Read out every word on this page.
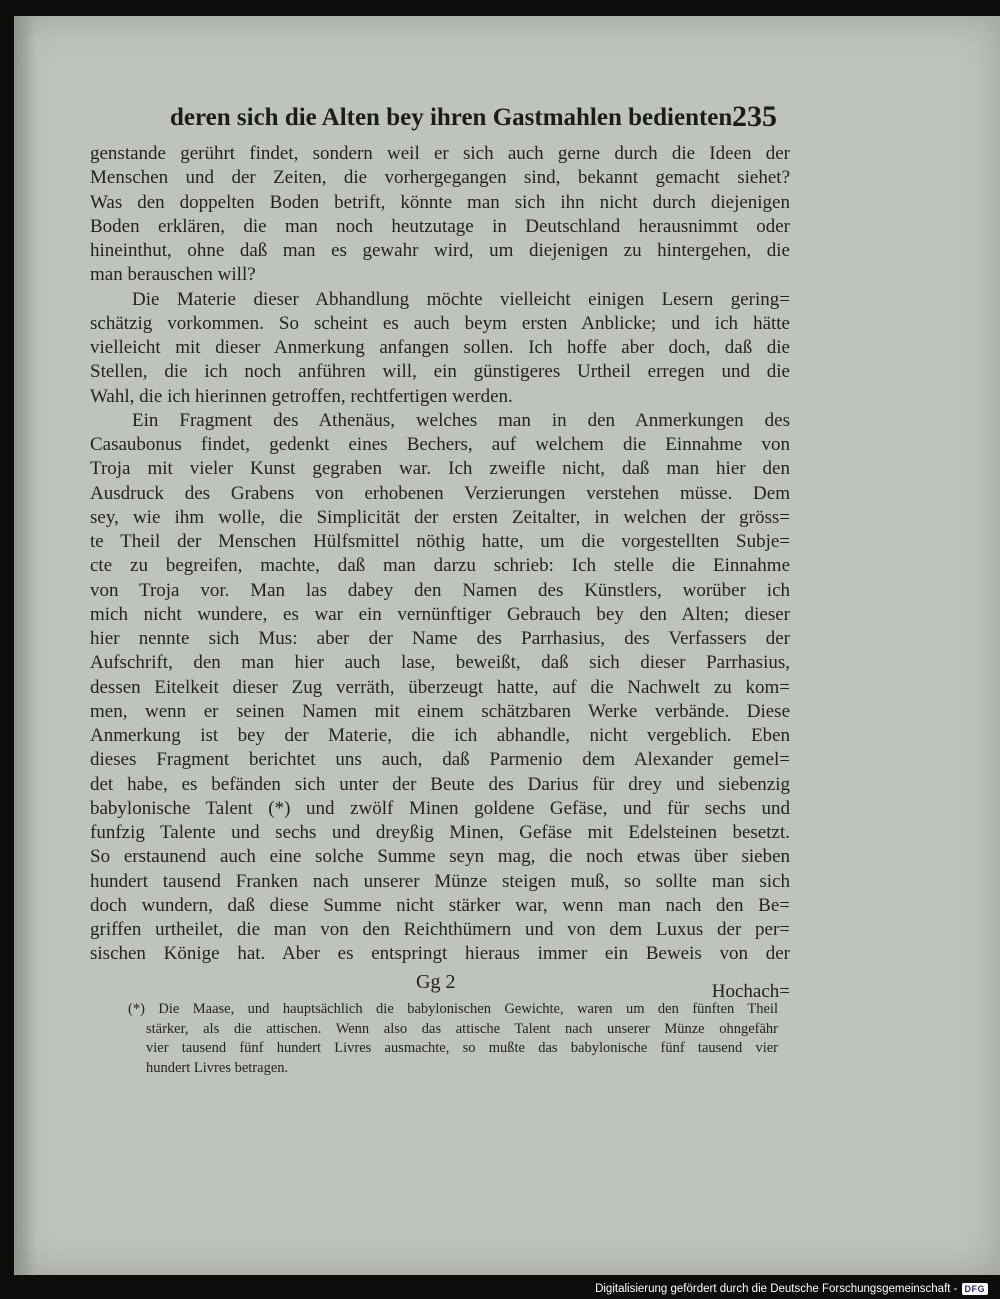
deren sich die Alten bey ihren Gastmahlen bedienten.
235
genstande gerührt findet, sondern weil er sich auch gerne durch die Ideen der
Menschen und der Zeiten, die vorhergegangen sind, bekannt gemacht siehet?
Was den doppelten Boden betrift, könnte man sich ihn nicht durch diejenigen
Boden erklären, die man noch heutzutage in Deutschland herausnimmt oder
hineinthut, ohne daß man es gewahr wird, um diejenigen zu hintergehen, die
man berauschen will?
Die Materie dieser Abhandlung möchte vielleicht einigen Lesern gering=
schätzig vorkommen. So scheint es auch beym ersten Anblicke; und ich hätte
vielleicht mit dieser Anmerkung anfangen sollen. Ich hoffe aber doch, daß die
Stellen, die ich noch anführen will, ein günstigeres Urtheil erregen und die
Wahl, die ich hierinnen getroffen, rechtfertigen werden.
Ein Fragment des Athenäus, welches man in den Anmerkungen des
Casaubonus findet, gedenkt eines Bechers, auf welchem die Einnahme von
Troja mit vieler Kunst gegraben war. Ich zweifle nicht, daß man hier den
Ausdruck des Grabens von erhobenen Verzierungen verstehen müsse. Dem
sey, wie ihm wolle, die Simplicität der ersten Zeitalter, in welchen der gröss=
te Theil der Menschen Hülfsmittel nöthig hatte, um die vorgestellten Subje=
cte zu begreifen, machte, daß man darzu schrieb: Ich stelle die Einnahme
von Troja vor. Man las dabey den Namen des Künstlers, worüber ich
mich nicht wundere, es war ein vernünftiger Gebrauch bey den Alten; dieser
hier nennte sich Mus: aber der Name des Parrhasius, des Verfassers der
Aufschrift, den man hier auch lase, beweißt, daß sich dieser Parrhasius,
dessen Eitelkeit dieser Zug verräth, überzeugt hatte, auf die Nachwelt zu kom=
men, wenn er seinen Namen mit einem schätzbaren Werke verbände. Diese
Anmerkung ist bey der Materie, die ich abhandle, nicht vergeblich. Eben
dieses Fragment berichtet uns auch, daß Parmenio dem Alexander gemel=
det habe, es befänden sich unter der Beute des Darius für drey und siebenzig
babylonische Talent (*) und zwölf Minen goldene Gefäse, und für sechs und
funfzig Talente und sechs und dreyßig Minen, Gefäse mit Edelsteinen besetzt.
So erstaunend auch eine solche Summe seyn mag, die noch etwas über sieben
hundert tausend Franken nach unserer Münze steigen muß, so sollte man sich
doch wundern, daß diese Summe nicht stärker war, wenn man nach den Be=
griffen urtheilet, die man von den Reichthümern und von dem Luxus der per=
sischen Könige hat. Aber es entspringt hieraus immer ein Beweis von der
Gg 2	Hochach=
(*) Die Maase, und hauptsächlich die babylonischen Gewichte, waren um den fünften Theil
stärker, als die attischen. Wenn also das attische Talent nach unserer Münze ohngefähr
vier tausend fünf hundert Livres ausmachte, so mußte das babylonische fünf tausend vier
hundert Livres betragen.
Digitalisierung gefördert durch die Deutsche Forschungsgemeinschaft - DFG
